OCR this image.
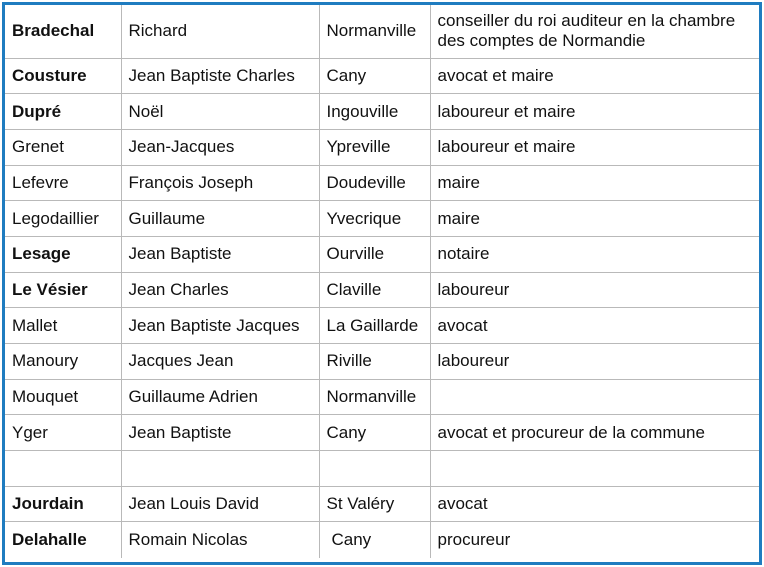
Bradechal	Richard	Normanville	conseiller du roi auditeur en la chambre des comptes de Normandie
Cousture	Jean Baptiste Charles	Cany	avocat et maire
Dupré	Noël	Ingouville	laboureur et maire
Grenet	Jean-Jacques	Ypreville	laboureur et maire
Lefevre	François Joseph	Doudeville	maire
Legodaillier	Guillaume	Yvecrique	maire
Lesage	Jean Baptiste	Ourville	notaire
Le Vésier	Jean Charles	Claville	laboureur
Mallet	Jean Baptiste Jacques	La Gaillarde	avocat
Manoury	Jacques Jean	Riville	laboureur
Mouquet	Guillaume Adrien	Normanville	
Yger	Jean Baptiste	Cany	avocat et procureur de la commune

Jourdain	Jean Louis David	St Valéry	avocat
Delahalle	Romain Nicolas	Cany	procureur
